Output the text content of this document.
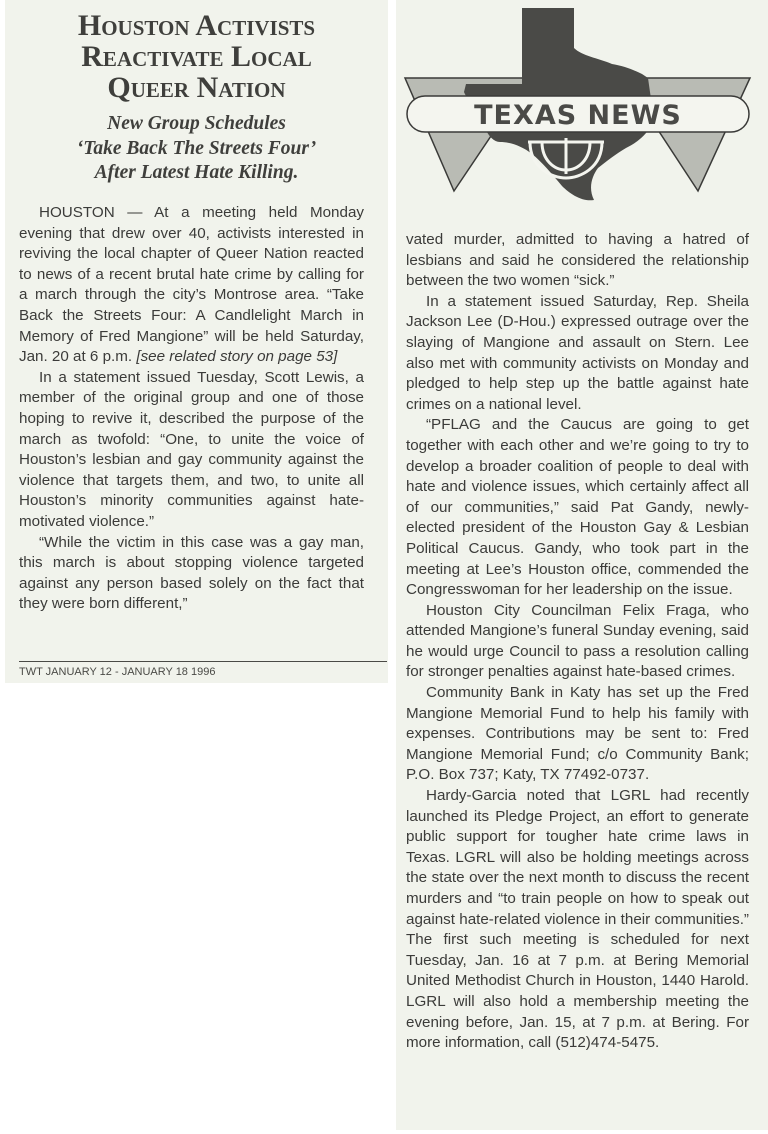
Houston Activists
Reactivate Local
Queer Nation
New Group Schedules
‘Take Back The Streets Four’
After Latest Hate Killing.

HOUSTON — At a meeting held Monday evening that drew over 40, activists interested in reviving the local chapter of Queer Nation reacted to news of a recent brutal hate crime by calling for a march through the city’s Montrose area. “Take Back the Streets Four: A Candlelight March in Memory of Fred Mangione” will be held Saturday, Jan. 20 at 6 p.m. [see related story on page 53]

In a statement issued Tuesday, Scott Lewis, a member of the original group and one of those hoping to revive it, described the purpose of the march as twofold: “One, to unite the voice of Houston’s lesbian and gay community against the violence that targets them, and two, to unite all Houston’s minority communities against hate-motivated violence.”

“While the victim in this case was a gay man, this march is about stopping violence targeted against any person based solely on the fact that they were born different,”

TWT JANUARY 12 - JANUARY 18 1996
TEXAS NEWS

vated murder, admitted to having a hatred of lesbians and said he considered the relationship between the two women “sick.”

In a statement issued Saturday, Rep. Sheila Jackson Lee (D-Hou.) expressed outrage over the slaying of Mangione and assault on Stern. Lee also met with community activists on Monday and pledged to help step up the battle against hate crimes on a national level.

“PFLAG and the Caucus are going to get together with each other and we’re going to try to develop a broader coalition of people to deal with hate and violence issues, which certainly affect all of our communities,” said Pat Gandy, newly-elected president of the Houston Gay & Lesbian Political Caucus. Gandy, who took part in the meeting at Lee’s Houston office, commended the Congresswoman for her leadership on the issue.

Houston City Councilman Felix Fraga, who attended Mangione’s funeral Sunday evening, said he would urge Council to pass a resolution calling for stronger penalties against hate-based crimes.

Community Bank in Katy has set up the Fred Mangione Memorial Fund to help his family with expenses. Contributions may be sent to: Fred Mangione Memorial Fund; c/o Community Bank; P.O. Box 737; Katy, TX 77492-0737.

Hardy-Garcia noted that LGRL had recently launched its Pledge Project, an effort to generate public support for tougher hate crime laws in Texas. LGRL will also be holding meetings across the state over the next month to discuss the recent murders and “to train people on how to speak out against hate-related violence in their communities.” The first such meeting is scheduled for next Tuesday, Jan. 16 at 7 p.m. at Bering Memorial United Methodist Church in Houston, 1440 Harold. LGRL will also hold a membership meeting the evening before, Jan. 15, at 7 p.m. at Bering. For more information, call (512)474-5475.
